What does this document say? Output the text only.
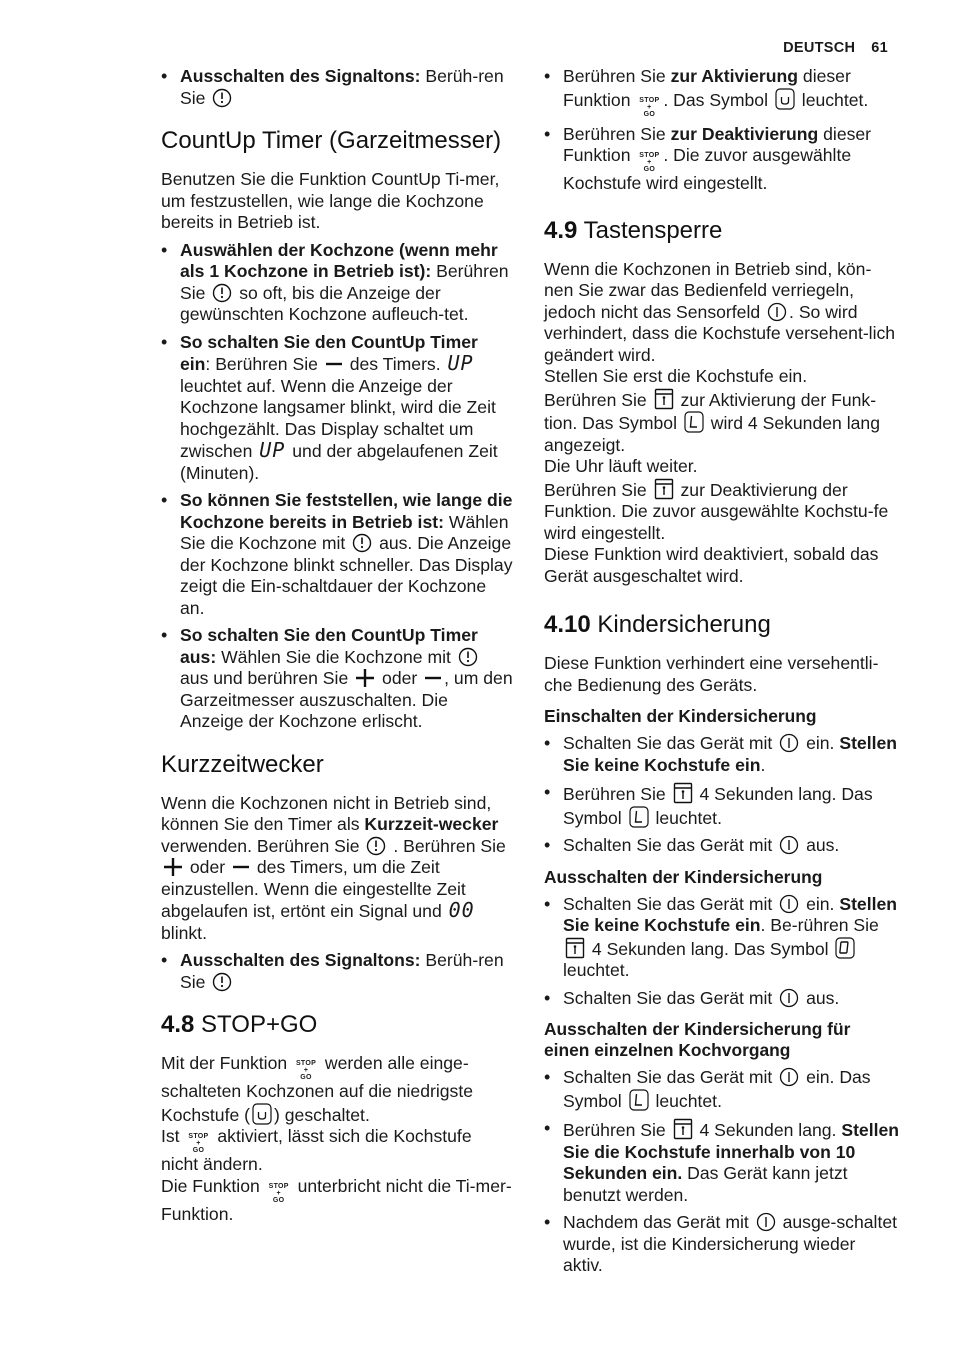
DEUTSCH 61
• Ausschalten des Signaltons: Berüh-ren Sie
CountUp Timer (Garzeitmesser)

Benutzen Sie die Funktion CountUp Ti-mer, um festzustellen, wie lange die Kochzone bereits in Betrieb ist.

• Auswählen der Kochzone (wenn mehr als 1 Kochzone in Betrieb ist): Berühren Sie so oft, bis die Anzeige der gewünschten Kochzone aufleuch-tet.
• So schalten Sie den CountUp Timer ein: Berühren Sie des Timers. UP leuchtet auf. Wenn die Anzeige der Kochzone langsamer blinkt, wird die Zeit hochgezählt. Das Display schaltet um zwischen UP und der abgelaufenen Zeit (Minuten).
• So können Sie feststellen, wie lange die Kochzone bereits in Betrieb ist: Wählen Sie die Kochzone mit aus. Die Anzeige der Kochzone blinkt schneller. Das Display zeigt die Ein-schaltdauer der Kochzone an.
• So schalten Sie den CountUp Timer aus: Wählen Sie die Kochzone mit
aus und berühren Sie oder , um den Garzeitmesser auszuschalten. Die Anzeige der Kochzone erlischt.
Kurzzeitwecker

Wenn die Kochzonen nicht in Betrieb sind, können Sie den Timer als Kurzzeit-wecker verwenden. Berühren Sie . Berühren Sie
oder des Timers, um die Zeit einzustellen. Wenn die eingestellte Zeit abgelaufen ist, ertönt ein Signal und 00 blinkt.

• Ausschalten des Signaltons: Berüh-ren Sie
4.8 STOP+GO

Mit der Funktion STOP
+
GO
werden alle einge-schalteten Kochzonen auf die niedrigste Kochstufe ( ) geschaltet.

Ist STOP
+
GO
aktiviert, lässt sich die Kochstufe nicht ändern.

Die Funktion STOP
+
GO
unterbricht nicht die Ti-mer-Funktion.

• Berühren Sie zur Aktivierung dieser Funktion STOP
+
GO
. Das Symbol leuchtet.
• Berühren Sie zur Deaktivierung dieser Funktion STOP
+
GO
. Die zuvor ausgewählte Kochstufe wird eingestellt.
4.9 Tastensperre

Wenn die Kochzonen in Betrieb sind, kön-nen Sie zwar das Bedienfeld verriegeln, jedoch nicht das Sensorfeld . So wird verhindert, dass die Kochstufe versehent-lich geändert wird.

Stellen Sie erst die Kochstufe ein.

Berühren Sie zur Aktivierung der Funk-tion. Das Symbol wird 4 Sekunden lang angezeigt.

Die Uhr läuft weiter.

Berühren Sie zur Deaktivierung der Funktion. Die zuvor ausgewählte Kochstu-fe wird eingestellt.

Diese Funktion wird deaktiviert, sobald das Gerät ausgeschaltet wird.

4.10 Kindersicherung

Diese Funktion verhindert eine versehentli-che Bedienung des Geräts.

Einschalten der Kindersicherung
• Schalten Sie das Gerät mit ein. Stellen Sie keine Kochstufe ein.
• Berühren Sie 4 Sekunden lang. Das Symbol leuchtet.
• Schalten Sie das Gerät mit aus.
Ausschalten der Kindersicherung
• Schalten Sie das Gerät mit ein. Stellen Sie keine Kochstufe ein. Be-rühren Sie
4 Sekunden lang. Das Symbol
leuchtet.
• Schalten Sie das Gerät mit aus.
Ausschalten der Kindersicherung für einen einzelnen Kochvorgang
• Schalten Sie das Gerät mit ein. Das Symbol leuchtet.
• Berühren Sie 4 Sekunden lang. Stellen Sie die Kochstufe innerhalb von 10 Sekunden ein. Das Gerät kann jetzt benutzt werden.
• Nachdem das Gerät mit ausge-schaltet wurde, ist die Kindersicherung wieder aktiv.
